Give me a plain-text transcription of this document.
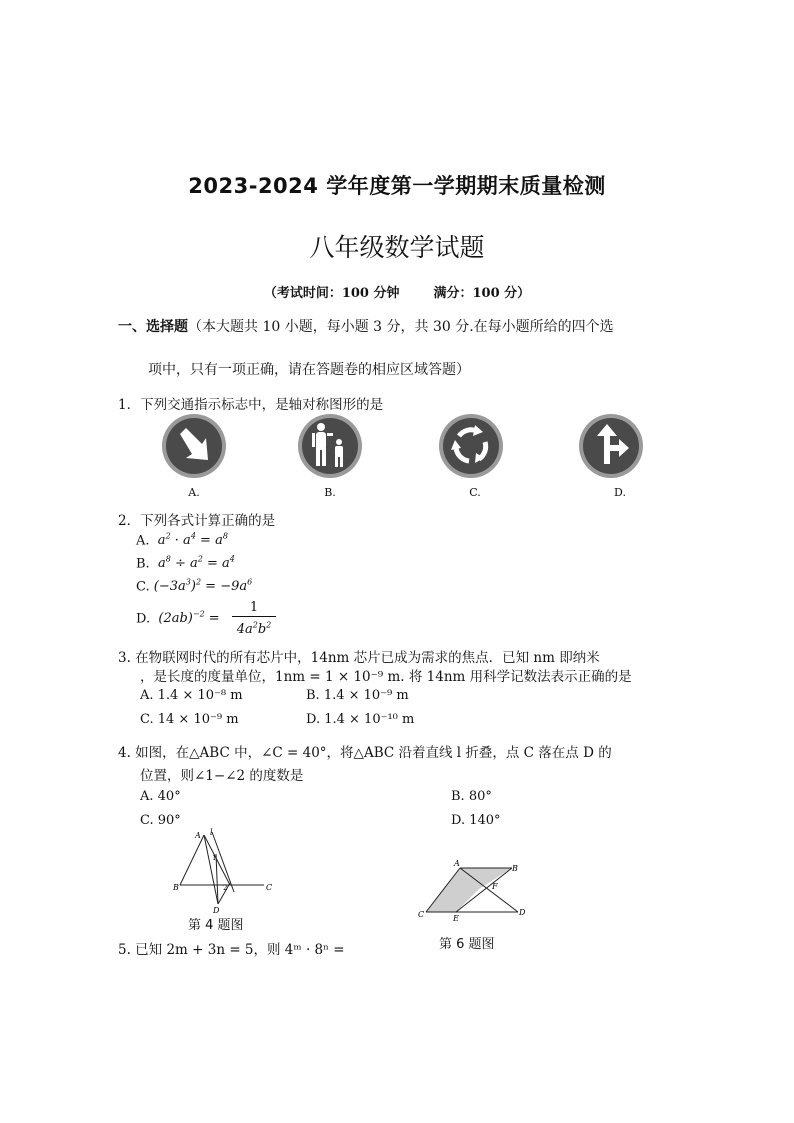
2023-2024 学年度第一学期期末质量检测
八年级数学试题
（考试时间：100 分钟	满分：100 分）
一、选择题（本大题共 10 小题，每小题 3 分，共 30 分.在每小题所给的四个选
项中，只有一项正确，请在答题卷的相应区域答题）
1．下列交通指示标志中，是轴对称图形的是
A.	B.	C.	D.
2．下列各式计算正确的是
A.  $a^2 \cdot a^4 = a^8$
B.  $a^8 \div a^2 = a^4$
C. $(-3a^3)^2 = -9a^6$
D.  $(2ab)^{-2}$ =
1
$4a^2b^2$
3. 在物联网时代的所有芯片中，14nm 芯片已成为需求的焦点．已知 nm 即纳米
，是长度的度量单位，1nm = 1 × 10⁻⁹ m. 将 14nm 用科学记数法表示正确的是
A. 1.4 × 10⁻⁸ m	B. 1.4 × 10⁻⁹ m
C. 14 × 10⁻⁹ m	D. 1.4 × 10⁻¹⁰ m
4. 如图，在△ABC 中，∠C = 40°，将△ABC 沿着直线 l 折叠，点 C 落在点 D 的
位置，则∠1−∠2 的度数是
A. 40°	B. 80°
C. 90°	D. 140°
A l
1
B	2	C
D
第 4 题图
A
B
F
C	E
D
第 6 题图
5. 已知 2m + 3n = 5，则 4ᵐ · 8ⁿ =
